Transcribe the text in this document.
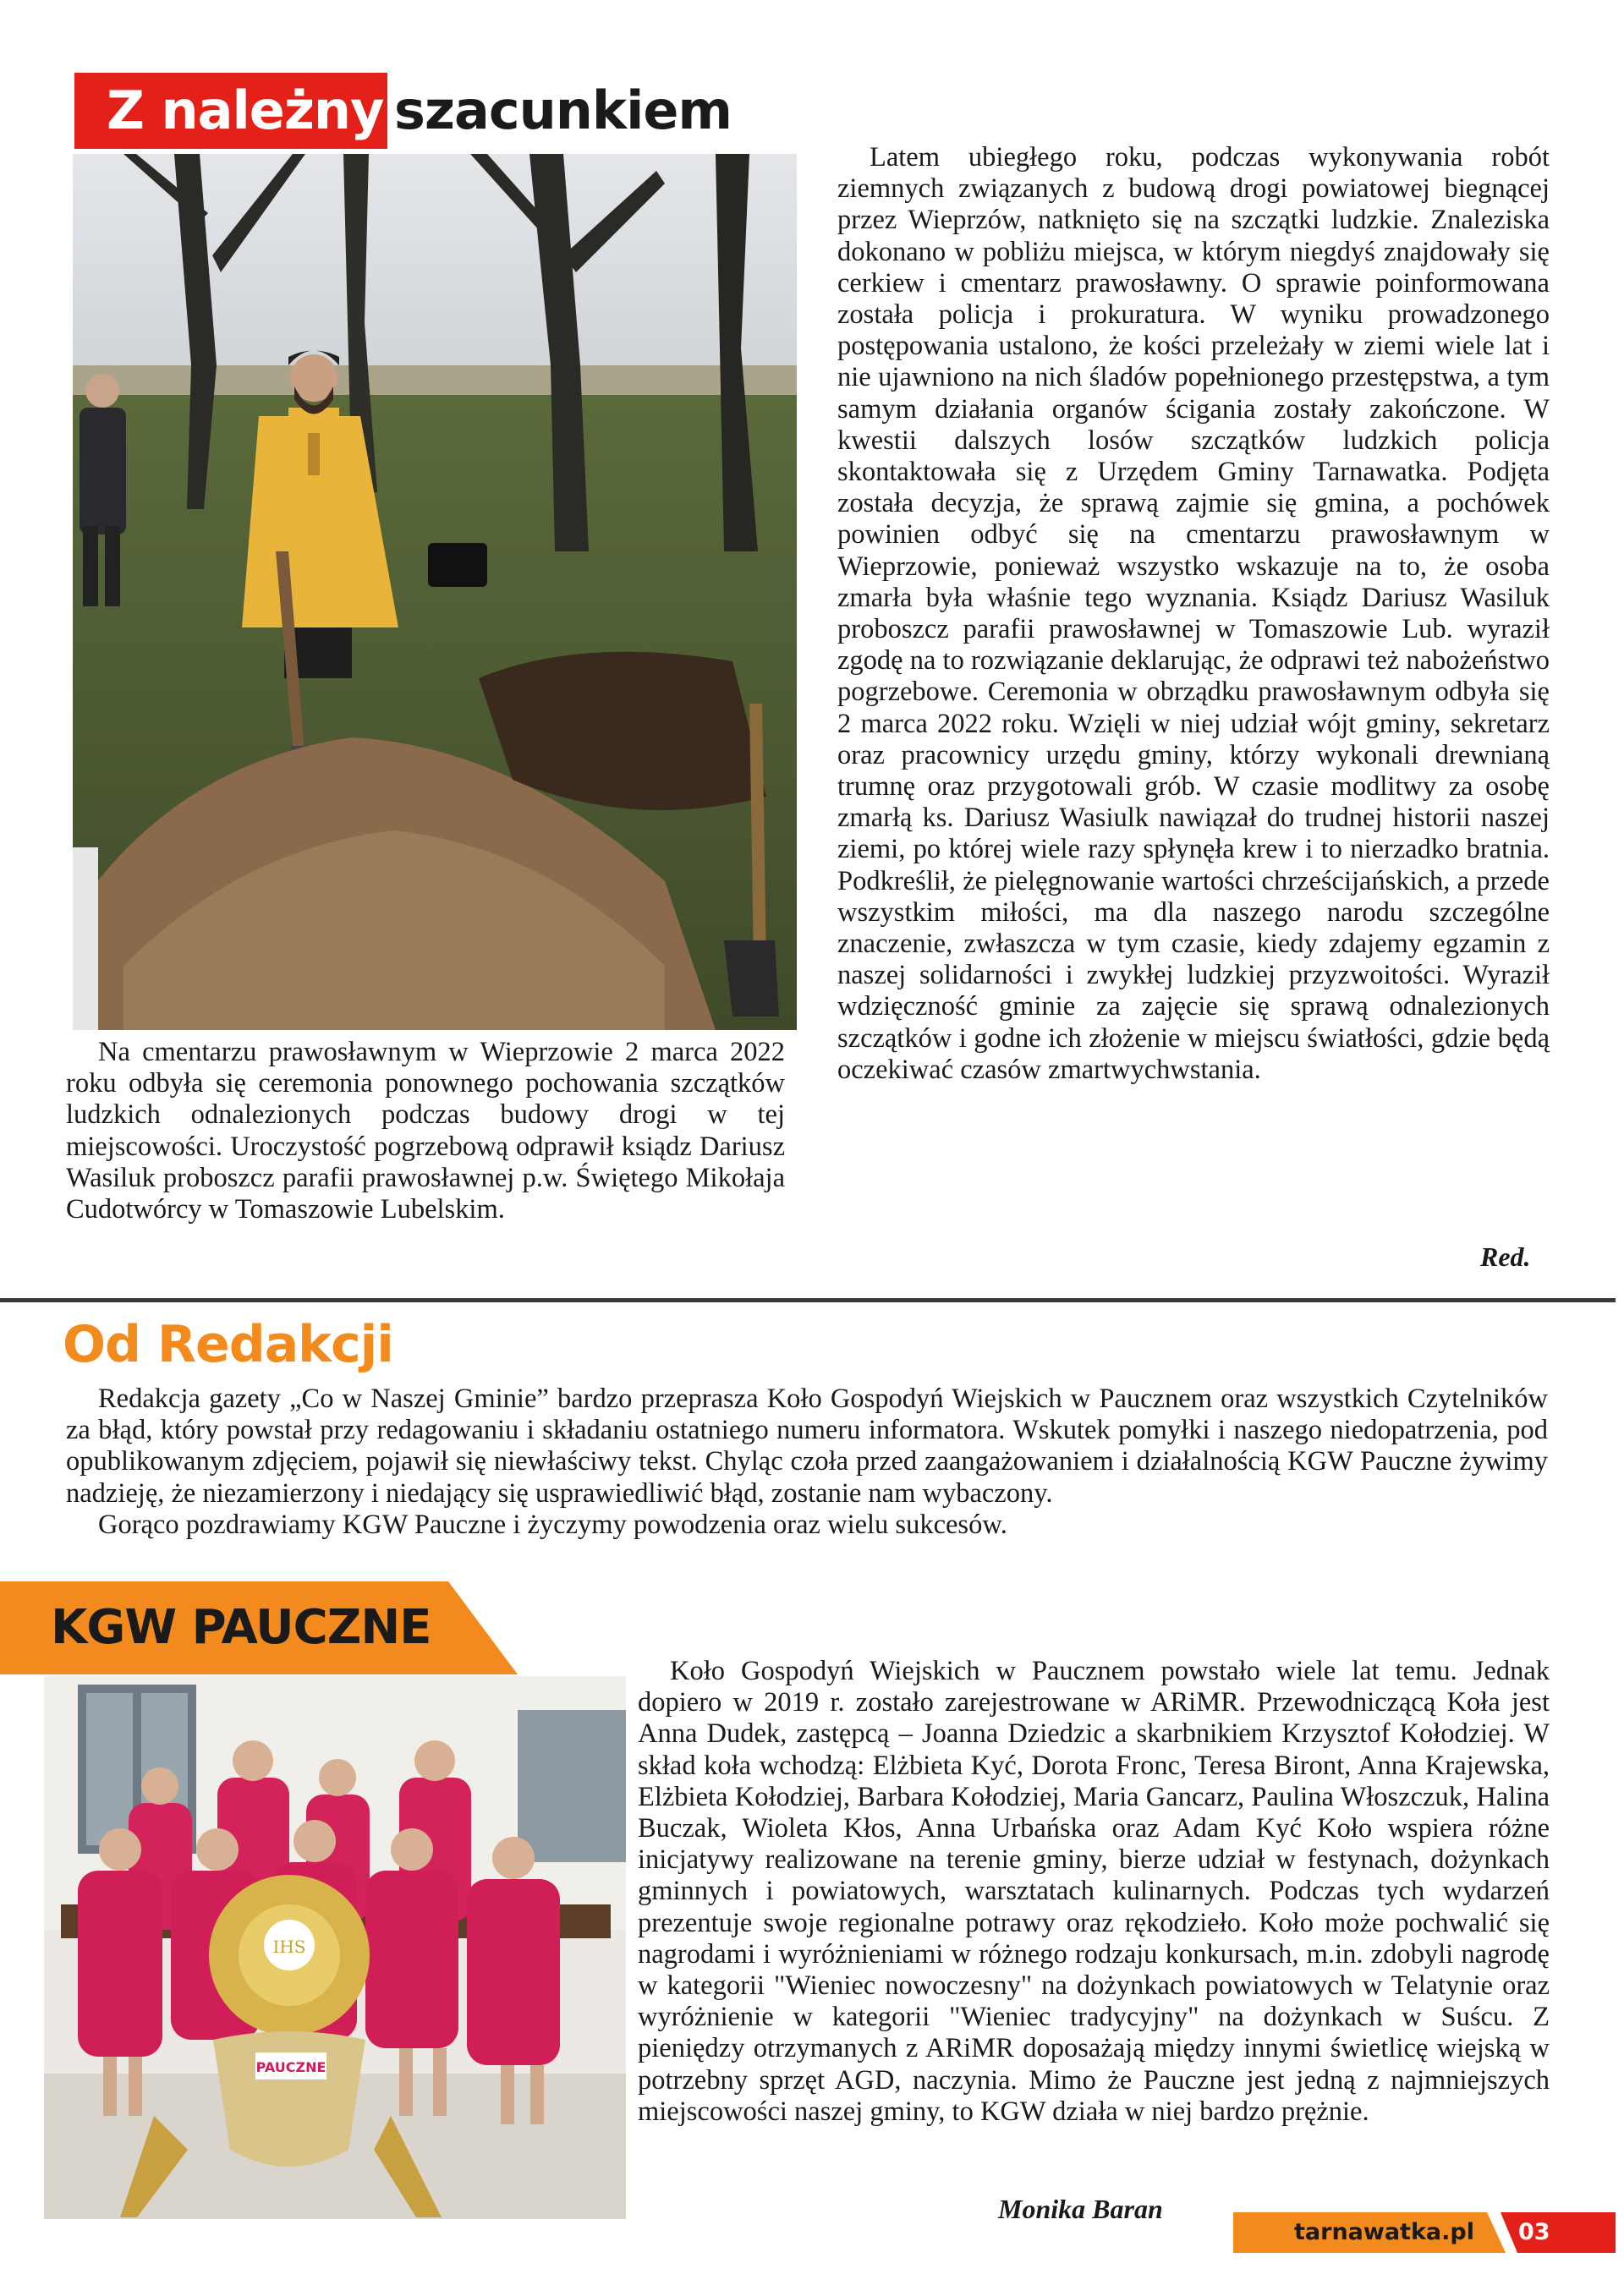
Z należnym
szacunkiem

Na cmentarzu prawosławnym w Wieprzowie 2 marca 2022 roku odbyła się ceremonia ponownego pochowania szczątków ludzkich odnalezionych podczas budowy drogi w tej miejscowości. Uroczystość pogrzebową odprawił ksiądz Dariusz Wasiluk proboszcz parafii prawosławnej p.w. Świętego Mikołaja Cudotwórcy w Tomaszowie Lubelskim.

Latem ubiegłego roku, podczas wykonywania robót ziemnych związanych z budową drogi powiatowej biegnącej przez Wieprzów, natknięto się na szczątki ludzkie. Znaleziska dokonano w pobliżu miejsca, w którym niegdyś znajdowały się cerkiew i cmentarz prawosławny. O sprawie poinformowana została policja i prokuratura. W wyniku prowadzonego postępowania ustalono, że kości przeleżały w ziemi wiele lat i nie ujawniono na nich śladów popełnionego przestępstwa, a tym samym działania organów ścigania zostały zakończone. W kwestii dalszych losów szczątków ludzkich policja skontaktowała się z Urzędem Gminy Tarnawatka. Podjęta została decyzja, że sprawą zajmie się gmina, a pochówek powinien odbyć się na cmentarzu prawosławnym w Wieprzowie, ponieważ wszystko wskazuje na to, że osoba zmarła była właśnie tego wyznania. Ksiądz Dariusz Wasiluk proboszcz parafii prawosławnej w Tomaszowie Lub. wyraził zgodę na to rozwiązanie deklarując, że odprawi też nabożeństwo pogrzebowe. Ceremonia w obrządku prawosławnym odbyła się 2 marca 2022 roku. Wzięli w niej udział wójt gminy, sekretarz oraz pracownicy urzędu gminy, którzy wykonali drewnianą trumnę oraz przygotowali grób. W czasie modlitwy za osobę zmarłą ks. Dariusz Wasiulk nawiązał do trudnej historii naszej ziemi, po której wiele razy spłynęła krew i to nierzadko bratnia. Podkreślił, że pielęgnowanie wartości chrześcijańskich, a przede wszystkim miłości, ma dla naszego narodu szczególne znaczenie, zwłaszcza w tym czasie, kiedy zdajemy egzamin z naszej solidarności i zwykłej ludzkiej przyzwoitości. Wyraził wdzięczność gminie za zajęcie się sprawą odnalezionych szczątków i godne ich złożenie w miejscu światłości, gdzie będą oczekiwać czasów zmartwychwstania.

Red.
Od Redakcji

Redakcja gazety „Co w Naszej Gminie” bardzo przeprasza Koło Gospodyń Wiejskich w Paucznem oraz wszystkich Czytelników za błąd, który powstał przy redagowaniu i składaniu ostatniego numeru informatora. Wskutek pomyłki i naszego niedopatrzenia, pod opublikowanym zdjęciem, pojawił się niewłaściwy tekst. Chyląc czoła przed zaangażowaniem i działalnością KGW Pauczne żywimy nadzieję, że niezamierzony i niedający się usprawiedliwić błąd, zostanie nam wybaczony.

Gorąco pozdrawiamy KGW Pauczne i życzymy powodzenia oraz wielu sukcesów.

KGW PAUCZNE
IHS
PAUCZNE

Koło Gospodyń Wiejskich w Paucznem powstało wiele lat temu. Jednak dopiero w 2019 r. zostało zarejestrowane w ARiMR. Przewodniczącą Koła jest Anna Dudek, zastępcą – Joanna Dziedzic a skarbnikiem Krzysztof Kołodziej. W skład koła wchodzą: Elżbieta Kyć, Dorota Fronc, Teresa Biront, Anna Krajewska, Elżbieta Kołodziej, Barbara Kołodziej, Maria Gancarz, Paulina Włoszczuk, Halina Buczak, Wioleta Kłos, Anna Urbańska oraz Adam Kyć Koło wspiera różne inicjatywy realizowane na terenie gminy, bierze udział w festynach, dożynkach gminnych i powiatowych, warsztatach kulinarnych. Podczas tych wydarzeń prezentuje swoje regionalne potrawy oraz rękodzieło. Koło może pochwalić się nagrodami i wyróżnieniami w różnego rodzaju konkursach, m.in. zdobyli nagrodę w kategorii "Wieniec nowoczesny" na dożynkach powiatowych w Telatynie oraz wyróżnienie w kategorii "Wieniec tradycyjny" na dożynkach w Suścu. Z pieniędzy otrzymanych z ARiMR doposażają między innymi świetlicę wiejską w potrzebny sprzęt AGD, naczynia. Mimo że Pauczne jest jedną z najmniejszych miejscowości naszej gminy, to KGW działa w niej bardzo prężnie.

Monika Baran
tarnawatka.pl 03
